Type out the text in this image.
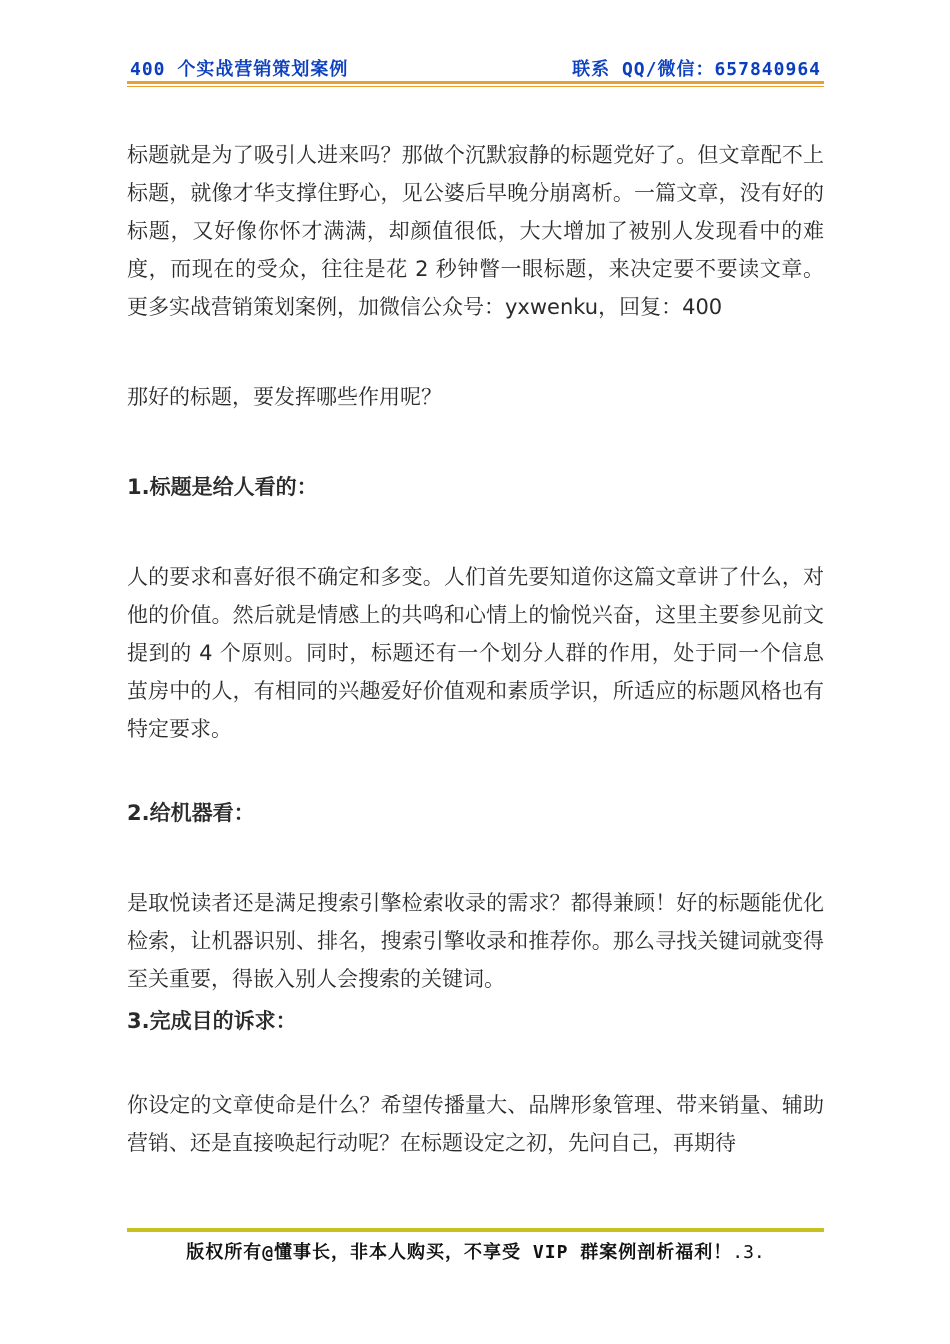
400 个实战营销策划案例	联系 QQ/微信：657840964

标题就是为了吸引人进来吗？那做个沉默寂静的标题党好了。但文章配不上标题，就像才华支撑住野心，见公婆后早晚分崩离析。一篇文章，没有好的标题，又好像你怀才满满，却颜值很低，大大增加了被别人发现看中的难度，而现在的受众，往往是花 2 秒钟瞥一眼标题，来决定要不要读文章。更多实战营销策划案例，加微信公众号：yxwenku，回复：400

那好的标题，要发挥哪些作用呢？

1.标题是给人看的：

人的要求和喜好很不确定和多变。人们首先要知道你这篇文章讲了什么，对他的价值。然后就是情感上的共鸣和心情上的愉悦兴奋，这里主要参见前文提到的 4 个原则。同时，标题还有一个划分人群的作用，处于同一个信息茧房中的人，有相同的兴趣爱好价值观和素质学识，所适应的标题风格也有特定要求。

2.给机器看：

是取悦读者还是满足搜索引擎检索收录的需求？都得兼顾！好的标题能优化检索，让机器识别、排名，搜索引擎收录和推荐你。那么寻找关键词就变得至关重要，得嵌入别人会搜索的关键词。

3.完成目的诉求：

你设定的文章使命是什么？希望传播量大、品牌形象管理、带来销量、辅助营销、还是直接唤起行动呢？在标题设定之初，先问自己，再期待

版权所有@懂事长，非本人购买，不享受 VIP 群案例剖析福利！.3.
